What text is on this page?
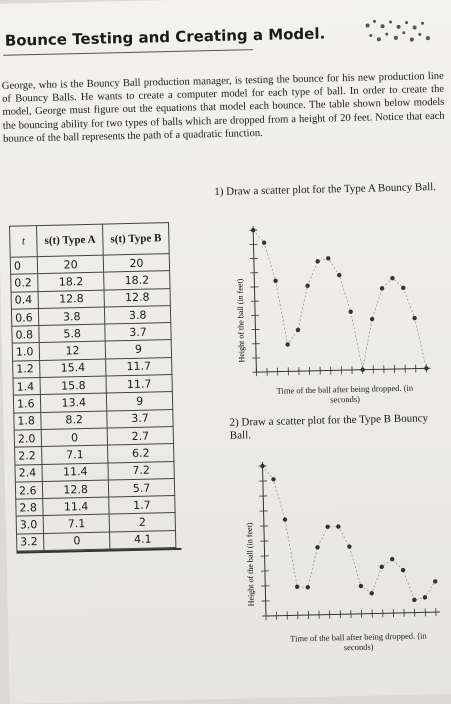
Bounce Testing and Creating a Model.
George, who is the Bouncy Ball production manager, is testing the bounce for his new production line of Bouncy Balls. He wants to create a computer model for each type of ball. In order to create the model, George must figure out the equations that model each bounce. The table shown below models the bouncing ability for two types of balls which are dropped from a height of 20 feet. Notice that each bounce of the ball represents the path of a quadratic function.
t	s(t) Type A	s(t) Type B
0	20	20
0.2	18.2	18.2
0.4	12.8	12.8
0.6	3.8	3.8
0.8	5.8	3.7
1.0	12	9
1.2	15.4	11.7
1.4	15.8	11.7
1.6	13.4	9
1.8	8.2	3.7
2.0	0	2.7
2.2	7.1	6.2
2.4	11.4	7.2
2.6	12.8	5.7
2.8	11.4	1.7
3.0	7.1	2
3.2	0	4.1
1) Draw a scatter plot for the Type A Bouncy Ball.
Height of the ball (in feet)
Time of the ball after being dropped. (in seconds)
2) Draw a scatter plot for the Type B Bouncy Ball.
Height of the ball (in feet)
Time of the ball after being dropped. (in seconds)
